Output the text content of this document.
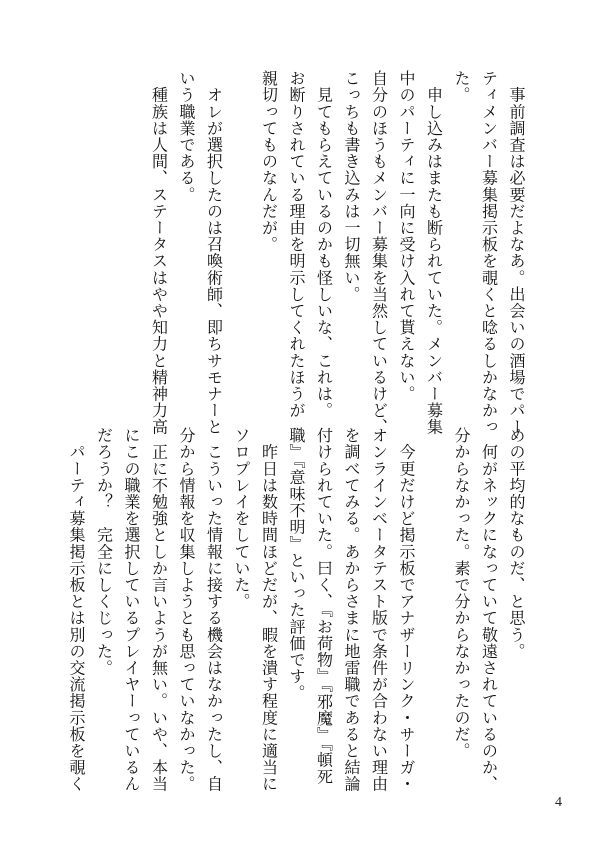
　事前調査は必要だよなあ。出会いの酒場でパー
ティメンバー募集掲示板を覗くと唸るしかなかっ
た。
　申し込みはまたも断られていた。メンバー募集
中のパーティに一向に受け入れて貰えない。
自分のほうもメンバー募集を当然しているけど、
こっちも書き込みは一切無い。
　見てもらえているのかも怪しいな、これは。
お断りされている理由を明示してくれたほうが
親切ってものなんだが。

　オレが選択したのは召喚術師、即ちサモナーと
いう職業である。
　種族は人間、ステータスはやや知力と精神力高
めの平均的なものだ、と思う。
　何がネックになっていて敬遠されているのか、
分からなかった。素で分からなかったのだ。

　今更だけど掲示板でアナザーリンク・サーガ・
オンラインベータテスト版で条件が合わない理由
を調べてみる。あからさまに地雷職であると結論
付けられていた。曰く、『お荷物』『邪魔』『頓死
職』『意味不明』といった評価です。
　昨日は数時間ほどだが、暇を潰す程度に適当に
ソロプレイをしていた。
　こういった情報に接する機会はなかったし、自
分から情報を収集しようとも思っていなかった。
　正に不勉強としか言いようが無い。いや、本当
にこの職業を選択しているプレイヤーっているん
だろうか？　完全にしくじった。
　パーティ募集掲示板とは別の交流掲示板を覗く
4
